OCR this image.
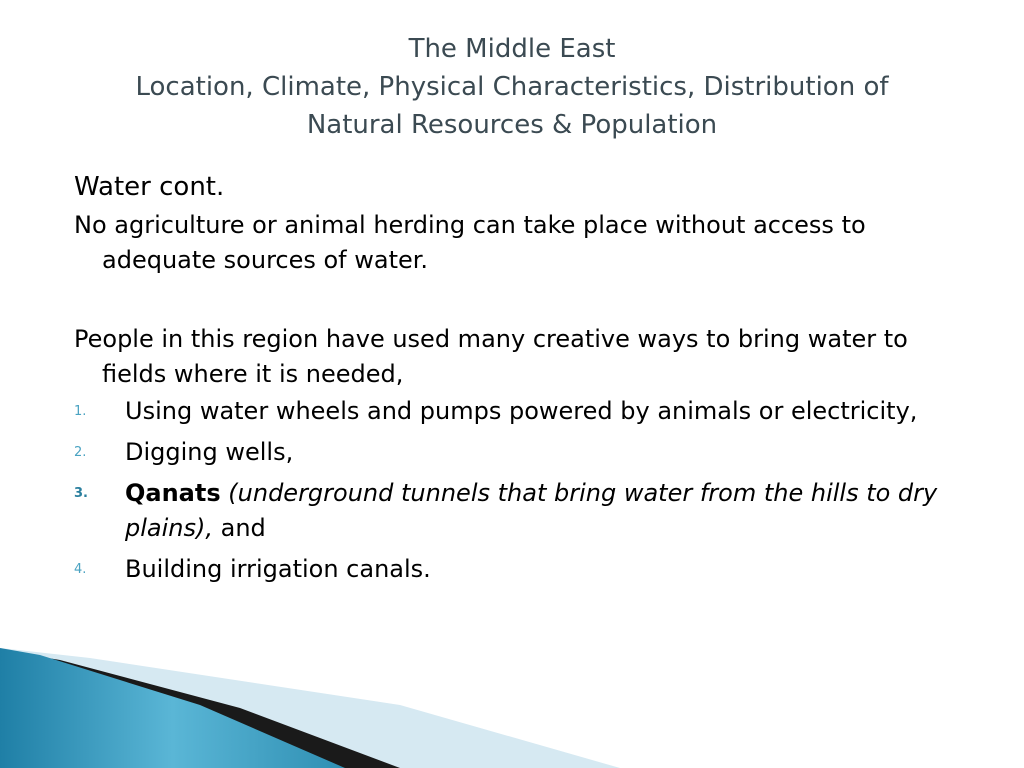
The Middle East
Location, Climate, Physical Characteristics, Distribution of
Natural Resources & Population
Water cont.

No agriculture or animal herding can take place without access to adequate sources of water.

People in this region have used many creative ways to bring water to fields where it is needed,

1. Using water wheels and pumps powered by animals or electricity,
2. Digging wells,
3. Qanats (underground tunnels that bring water from the hills to dry plains), and
4. Building irrigation canals.
